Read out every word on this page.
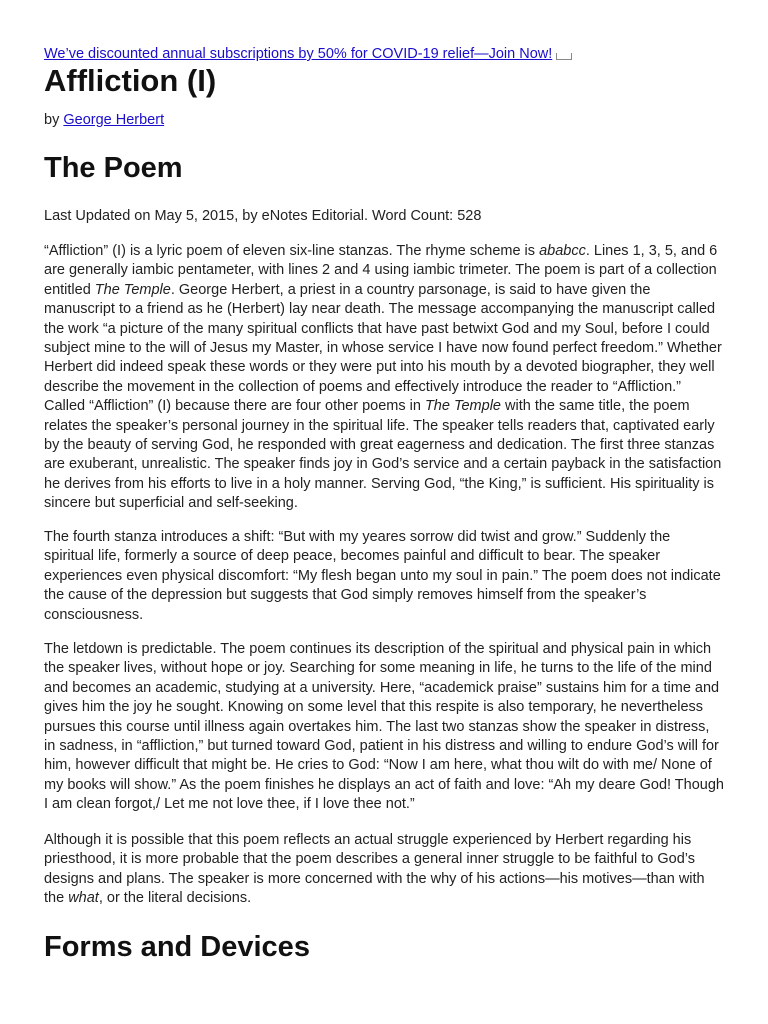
We’ve discounted annual subscriptions by 50% for COVID-19 relief—Join Now!
Affliction (I)
by George Herbert
The Poem
Last Updated on May 5, 2015, by eNotes Editorial. Word Count: 528

“Affliction” (I) is a lyric poem of eleven six-line stanzas. The rhyme scheme is ababcc. Lines 1, 3, 5, and 6 are generally iambic pentameter, with lines 2 and 4 using iambic trimeter. The poem is part of a collection entitled The Temple. George Herbert, a priest in a country parsonage, is said to have given the manuscript to a friend as he (Herbert) lay near death. The message accompanying the manuscript called the work “a picture of the many spiritual conflicts that have past betwixt God and my Soul, before I could subject mine to the will of Jesus my Master, in whose service I have now found perfect freedom.” Whether Herbert did indeed speak these words or they were put into his mouth by a devoted biographer, they well describe the movement in the collection of poems and effectively introduce the reader to “Affliction.” Called “Affliction” (I) because there are four other poems in The Temple with the same title, the poem relates the speaker’s personal journey in the spiritual life. The speaker tells readers that, captivated early by the beauty of serving God, he responded with great eagerness and dedication. The first three stanzas are exuberant, unrealistic. The speaker finds joy in God’s service and a certain payback in the satisfaction he derives from his efforts to live in a holy manner. Serving God, “the King,” is sufficient. His spirituality is sincere but superficial and self-seeking.

The fourth stanza introduces a shift: “But with my yeares sorrow did twist and grow.” Suddenly the spiritual life, formerly a source of deep peace, becomes painful and difficult to bear. The speaker experiences even physical discomfort: “My flesh began unto my soul in pain.” The poem does not indicate the cause of the depression but suggests that God simply removes himself from the speaker’s consciousness.

The letdown is predictable. The poem continues its description of the spiritual and physical pain in which the speaker lives, without hope or joy. Searching for some meaning in life, he turns to the life of the mind and becomes an academic, studying at a university. Here, “academick praise” sustains him for a time and gives him the joy he sought. Knowing on some level that this respite is also temporary, he nevertheless pursues this course until illness again overtakes him. The last two stanzas show the speaker in distress, in sadness, in “affliction,” but turned toward God, patient in his distress and willing to endure God’s will for him, however difficult that might be. He cries to God: “Now I am here, what thou wilt do with me/ None of my books will show.” As the poem finishes he displays an act of faith and love: “Ah my deare God! Though I am clean forgot,/ Let me not love thee, if I love thee not.”

Although it is possible that this poem reflects an actual struggle experienced by Herbert regarding his priesthood, it is more probable that the poem describes a general inner struggle to be faithful to God’s designs and plans. The speaker is more concerned with the why of his actions—his motives—than with the what, or the literal decisions.

Forms and Devices
